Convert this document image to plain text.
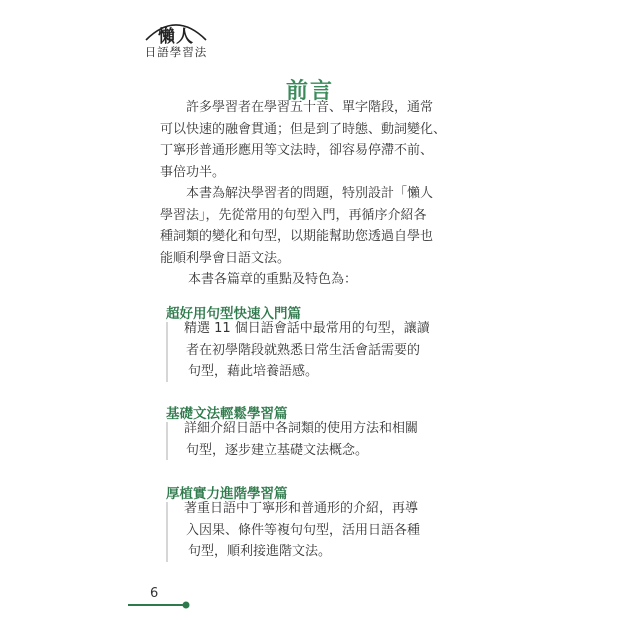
懶人
日語學習法
前言
許多學習者在學習五十音、單字階段，通常
可以快速的融會貫通；但是到了時態、動詞變化、
丁寧形普通形應用等文法時，卻容易停滯不前、
事倍功半。
本書為解決學習者的問題，特別設計「懶人
學習法」，先從常用的句型入門，再循序介紹各
種詞類的變化和句型，以期能幫助您透過自學也
能順利學會日語文法。
本書各篇章的重點及特色為：
超好用句型快速入門篇
精選 11 個日語會話中最常用的句型，讓讀
者在初學階段就熟悉日常生活會話需要的
句型，藉此培養語感。
基礎文法輕鬆學習篇
詳細介紹日語中各詞類的使用方法和相關
句型，逐步建立基礎文法概念。
厚植實力進階學習篇
著重日語中丁寧形和普通形的介紹，再導
入因果、條件等複句句型，活用日語各種
句型，順利接進階文法。
6
